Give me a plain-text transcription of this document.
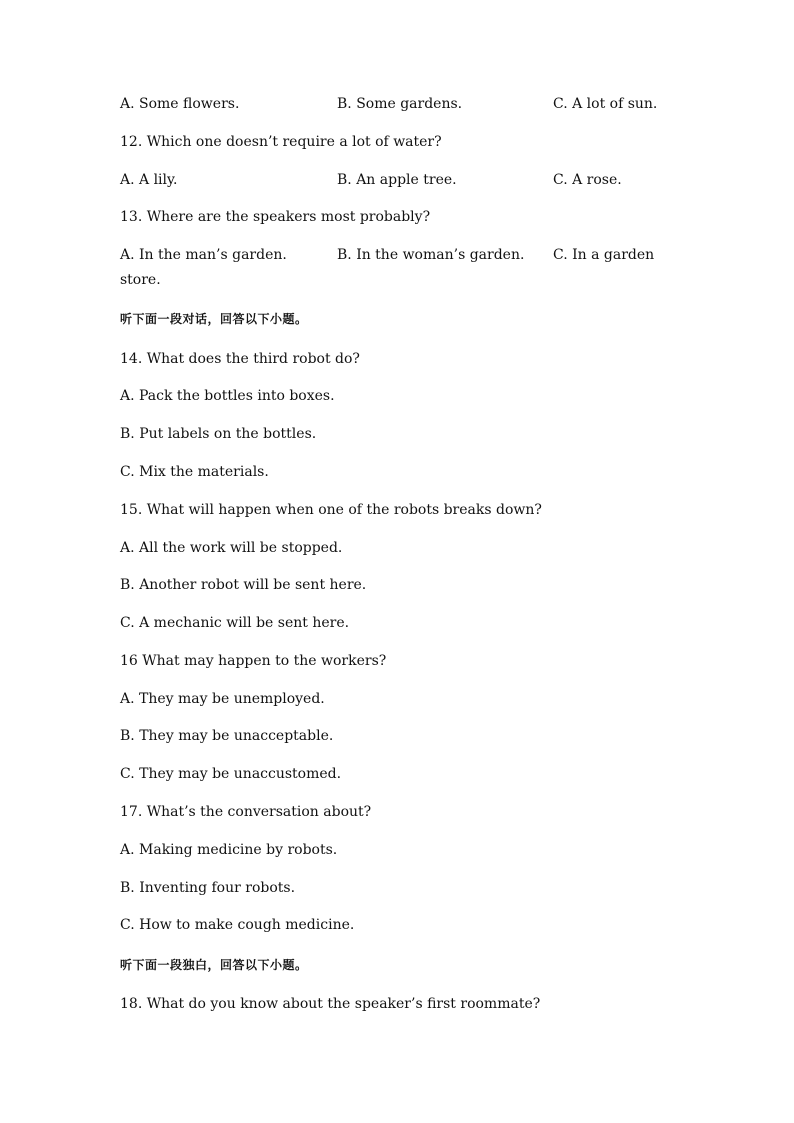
A. Some flowers.	B. Some gardens.	C. A lot of sun.
12. Which one doesn’t require a lot of water?
A. A lily.	B. An apple tree.	C. A rose.
13. Where are the speakers most probably?
A. In the man’s garden.	B. In the woman’s garden. C. In a garden
store.
听下面一段对话，回答以下小题。
14. What does the third robot do?
A. Pack the bottles into boxes.
B. Put labels on the bottles.
C. Mix the materials.
15. What will happen when one of the robots breaks down?
A. All the work will be stopped.
B. Another robot will be sent here.
C. A mechanic will be sent here.
16 What may happen to the workers?
A. They may be unemployed.
B. They may be unacceptable.
C. They may be unaccustomed.
17. What’s the conversation about?
A. Making medicine by robots.
B. Inventing four robots.
C. How to make cough medicine.
听下面一段独白，回答以下小题。
18. What do you know about the speaker’s first roommate?
